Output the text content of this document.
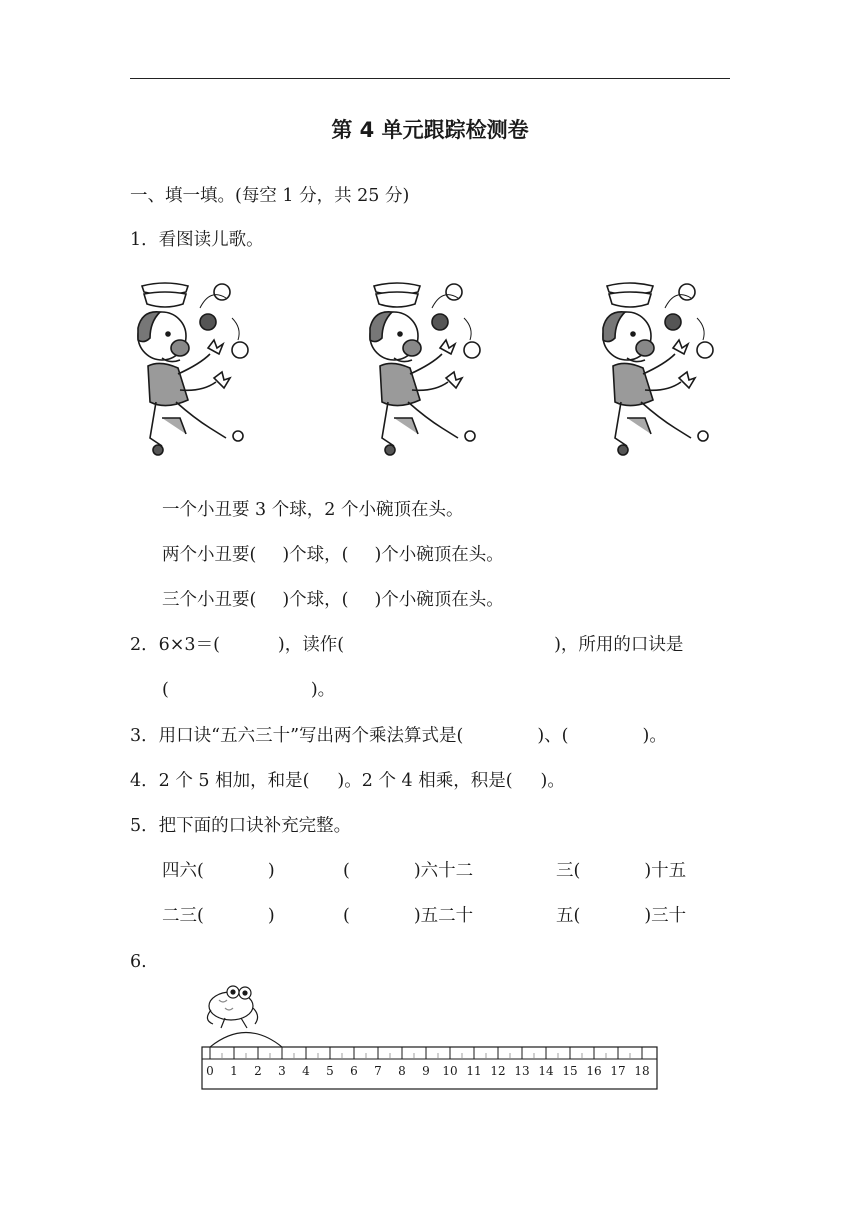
第 4 单元跟踪检测卷
一、填一填。(每空 1 分，共 25 分)
1．看图读儿歌。
一个小丑要 3 个球，2 个小碗顶在头。
两个小丑要( )个球，( )个小碗顶在头。
三个小丑要( )个球，( )个小碗顶在头。
2．6×3＝(	)，读作(	)，所用的口诀是
(	)。
3．用口诀“五六三十”写出两个乘法算式是(	)、(	)。
4．2 个 5 相加，和是( )。2 个 4 相乘，积是( )。
5．把下面的口诀补充完整。
四六(	)	(	)六十二	三(	)十五
二三(	)	(	)五二十	五(	)三十
6.
0 1 2 3 4 5 6 7 8 9 10 11 12 13 14 15 16 17 18
